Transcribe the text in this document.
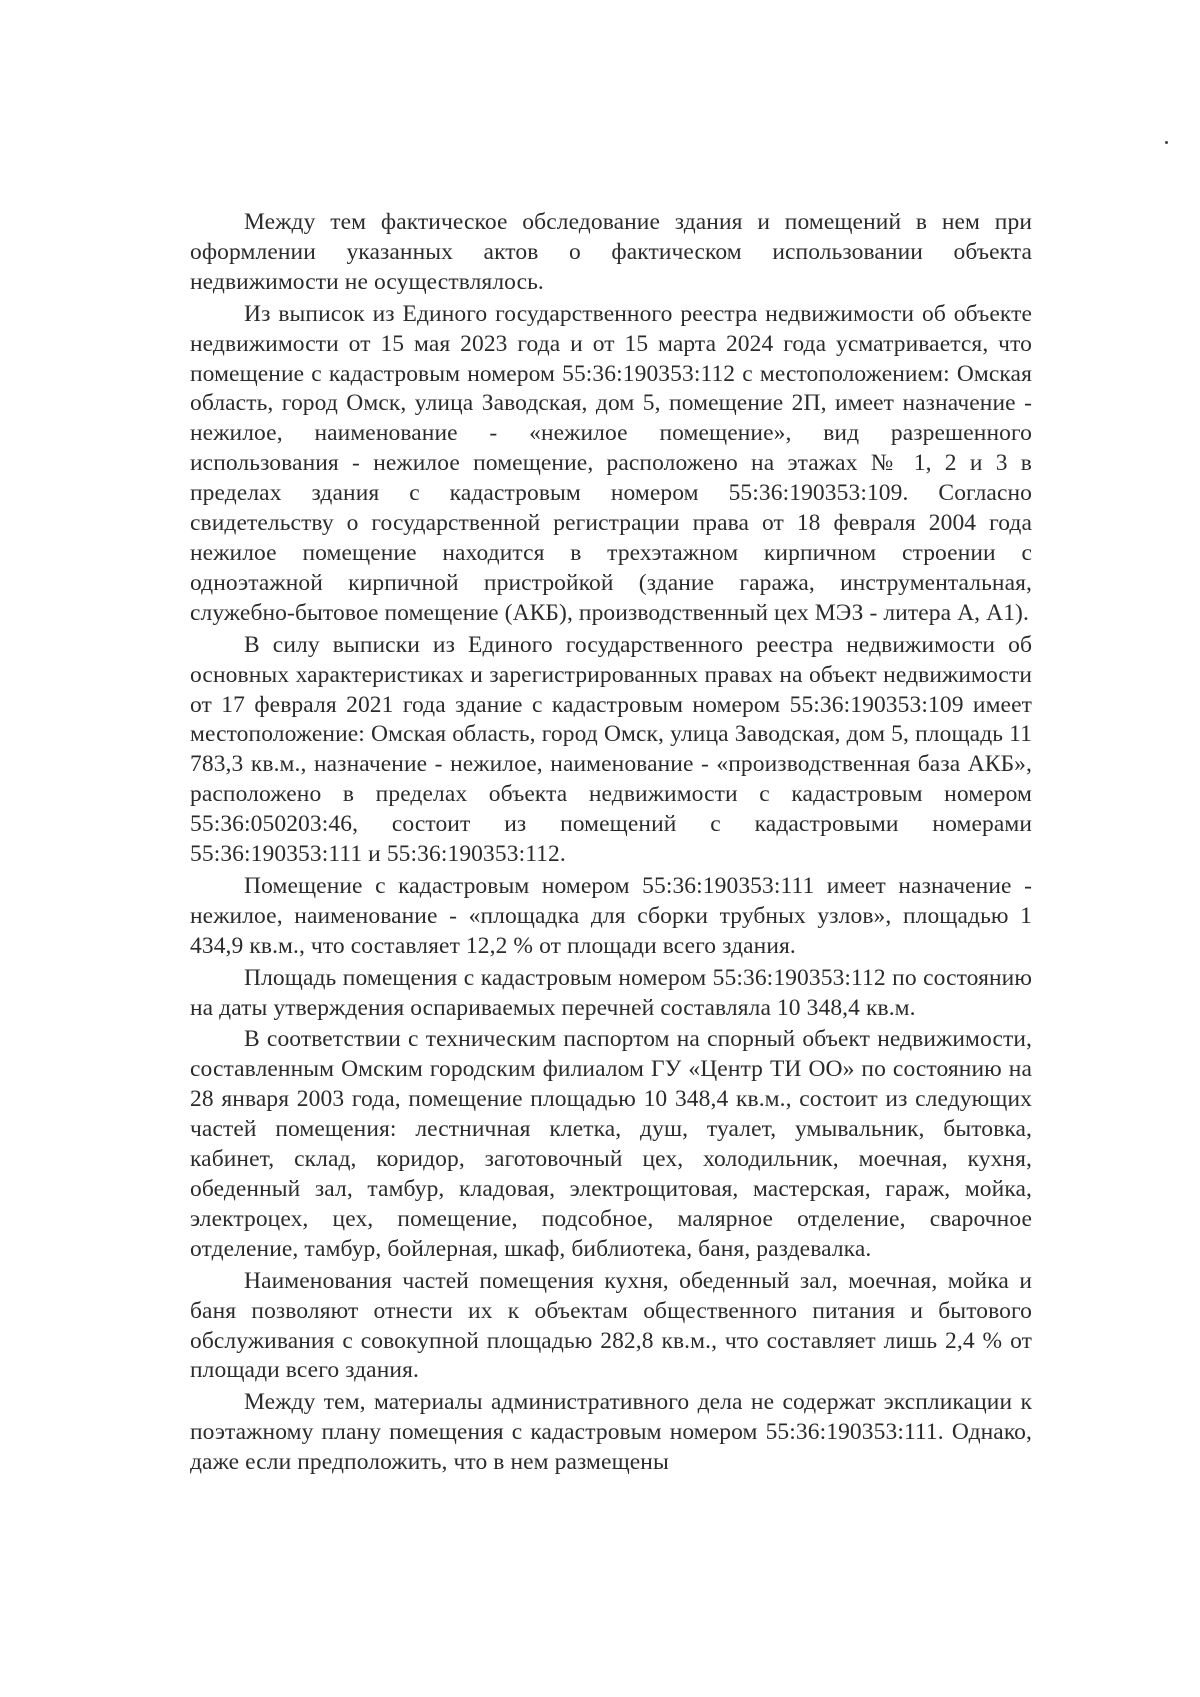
Между тем фактическое обследование здания и помещений в нем при оформлении указанных актов о фактическом использовании объекта недвижимости не осуществлялось.

Из выписок из Единого государственного реестра недвижимости об объекте недвижимости от 15 мая 2023 года и от 15 марта 2024 года усматривается, что помещение с кадастровым номером 55:36:190353:112 с местоположением: Омская область, город Омск, улица Заводская, дом 5, помещение 2П, имеет назначение - нежилое, наименование - «нежилое помещение», вид разрешенного использования - нежилое помещение, расположено на этажах № 1, 2 и 3 в пределах здания с кадастровым номером 55:36:190353:109. Согласно свидетельству о государственной регистрации права от 18 февраля 2004 года нежилое помещение находится в трехэтажном кирпичном строении с одноэтажной кирпичной пристройкой (здание гаража, инструментальная, служебно-бытовое помещение (АКБ), производственный цех МЭЗ - литера А, А1).

В силу выписки из Единого государственного реестра недвижимости об основных характеристиках и зарегистрированных правах на объект недвижимости от 17 февраля 2021 года здание с кадастровым номером 55:36:190353:109 имеет местоположение: Омская область, город Омск, улица Заводская, дом 5, площадь 11 783,3 кв.м., назначение - нежилое, наименование - «производственная база АКБ», расположено в пределах объекта недвижимости с кадастровым номером 55:36:050203:46, состоит из помещений с кадастровыми номерами 55:36:190353:111 и 55:36:190353:112.

Помещение с кадастровым номером 55:36:190353:111 имеет назначение - нежилое, наименование - «площадка для сборки трубных узлов», площадью 1 434,9 кв.м., что составляет 12,2 % от площади всего здания.

Площадь помещения с кадастровым номером 55:36:190353:112 по состоянию на даты утверждения оспариваемых перечней составляла 10 348,4 кв.м.

В соответствии с техническим паспортом на спорный объект недвижимости, составленным Омским городским филиалом ГУ «Центр ТИ ОО» по состоянию на 28 января 2003 года, помещение площадью 10 348,4 кв.м., состоит из следующих частей помещения: лестничная клетка, душ, туалет, умывальник, бытовка, кабинет, склад, коридор, заготовочный цех, холодильник, моечная, кухня, обеденный зал, тамбур, кладовая, электрощитовая, мастерская, гараж, мойка, электроцех, цех, помещение, подсобное, малярное отделение, сварочное отделение, тамбур, бойлерная, шкаф, библиотека, баня, раздевалка.

Наименования частей помещения кухня, обеденный зал, моечная, мойка и баня позволяют отнести их к объектам общественного питания и бытового обслуживания с совокупной площадью 282,8 кв.м., что составляет лишь 2,4 % от площади всего здания.

Между тем, материалы административного дела не содержат экспликации к поэтажному плану помещения с кадастровым номером 55:36:190353:111. Однако, даже если предположить, что в нем размещены
